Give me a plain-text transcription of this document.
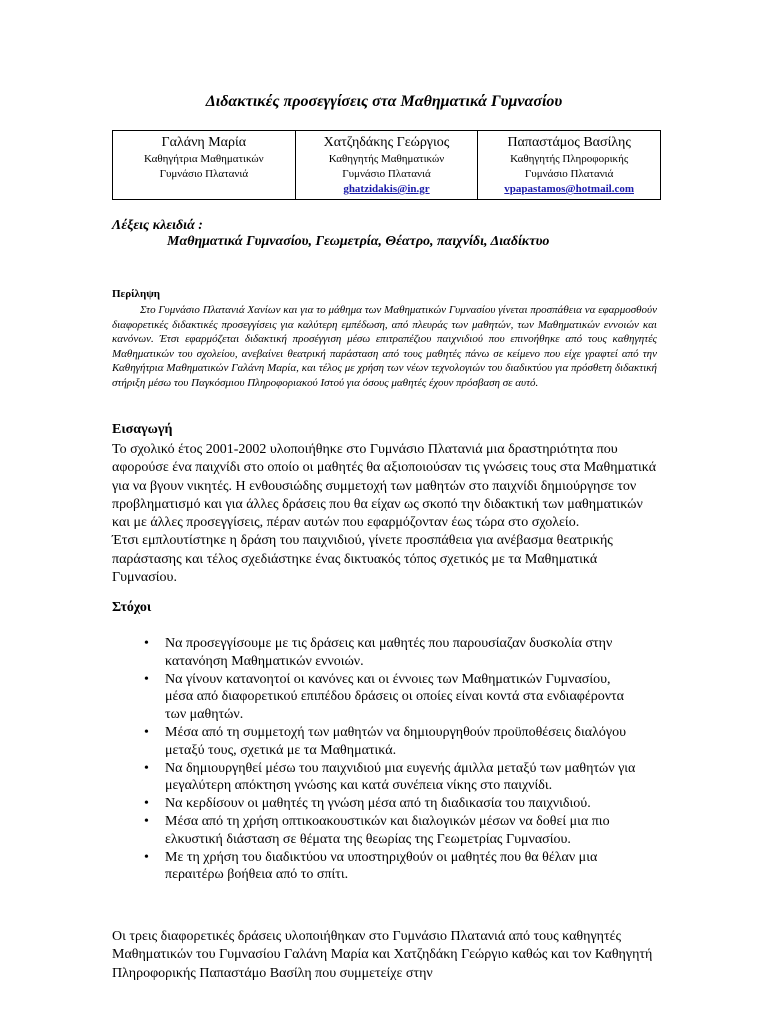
Διδακτικές προσεγγίσεις στα Μαθηματικά Γυμνασίου
Γαλάνη Μαρία
Καθηγήτρια Μαθηματικών
Γυμνάσιο Πλατανιά

Χατζηδάκης Γεώργιος
Καθηγητής Μαθηματικών
Γυμνάσιο Πλατανιά
ghatzidakis@in.gr

Παπαστάμος Βασίλης
Καθηγητής Πληροφορικής
Γυμνάσιο Πλατανιά
vpapastamos@hotmail.com
Λέξεις κλειδιά :
Μαθηματικά Γυμνασίου, Γεωμετρία, Θέατρο, παιχνίδι, Διαδίκτυο
Περίληψη
Στο Γυμνάσιο Πλατανιά Χανίων και για το μάθημα των Μαθηματικών Γυμνασίου γίνεται προσπάθεια να εφαρμοσθούν διαφορετικές διδακτικές προσεγγίσεις για καλύτερη εμπέδωση, από πλευράς των μαθητών, των Μαθηματικών εννοιών και κανόνων. Έτσι εφαρμόζεται διδακτική προσέγγιση μέσω επιτραπέζιου παιχνιδιού που επινοήθηκε από τους καθηγητές Μαθηματικών του σχολείου, ανεβαίνει θεατρική παράσταση από τους μαθητές πάνω σε κείμενο που είχε γραφτεί από την Καθηγήτρια Μαθηματικών Γαλάνη Μαρία, και τέλος με χρήση των νέων τεχνολογιών του διαδικτύου για πρόσθετη διδακτική στήριξη μέσω του Παγκόσμιου Πληροφοριακού Ιστού για όσους μαθητές έχουν πρόσβαση σε αυτό.
Εισαγωγή

Το σχολικό έτος 2001-2002 υλοποιήθηκε στο Γυμνάσιο Πλατανιά μια δραστηριότητα που αφορούσε ένα παιχνίδι στο οποίο οι μαθητές θα αξιοποιούσαν τις γνώσεις τους στα Μαθηματικά για να βγουν νικητές. Η ενθουσιώδης συμμετοχή των μαθητών στο παιχνίδι δημιούργησε τον προβληματισμό και για άλλες δράσεις που θα είχαν ως σκοπό την διδακτική των μαθηματικών και με άλλες προσεγγίσεις, πέραν αυτών που εφαρμόζονταν έως τώρα στο σχολείο.

Έτσι εμπλουτίστηκε η δράση του παιχνιδιού, γίνετε προσπάθεια για ανέβασμα θεατρικής παράστασης και τέλος σχεδιάστηκε ένας δικτυακός τόπος σχετικός με τα Μαθηματικά Γυμνασίου.

Στόχοι
• Να προσεγγίσουμε με τις δράσεις και μαθητές που παρουσίαζαν δυσκολία στην κατανόηση Μαθηματικών εννοιών.
• Να γίνουν κατανοητοί οι κανόνες και οι έννοιες των Μαθηματικών Γυμνασίου, μέσα από διαφορετικού επιπέδου δράσεις οι οποίες είναι κοντά στα ενδιαφέροντα των μαθητών.
• Μέσα από τη συμμετοχή των μαθητών να δημιουργηθούν προϋποθέσεις διαλόγου μεταξύ τους, σχετικά με τα Μαθηματικά.
• Να δημιουργηθεί μέσω του παιχνιδιού μια ευγενής άμιλλα μεταξύ των μαθητών για μεγαλύτερη απόκτηση γνώσης και κατά συνέπεια νίκης στο παιχνίδι.
• Να κερδίσουν οι μαθητές τη γνώση μέσα από τη διαδικασία του παιχνιδιού.
• Μέσα από τη χρήση οπτικοακουστικών και διαλογικών μέσων να δοθεί μια πιο ελκυστική διάσταση σε θέματα της θεωρίας της Γεωμετρίας Γυμνασίου.
• Με τη χρήση του διαδικτύου να υποστηριχθούν οι μαθητές που θα θέλαν μια περαιτέρω βοήθεια από το σπίτι.
Οι τρεις διαφορετικές δράσεις υλοποιήθηκαν στο Γυμνάσιο Πλατανιά από τους καθηγητές Μαθηματικών του Γυμνασίου Γαλάνη Μαρία και Χατζηδάκη Γεώργιο καθώς και τον Καθηγητή Πληροφορικής Παπαστάμο Βασίλη που συμμετείχε στην
